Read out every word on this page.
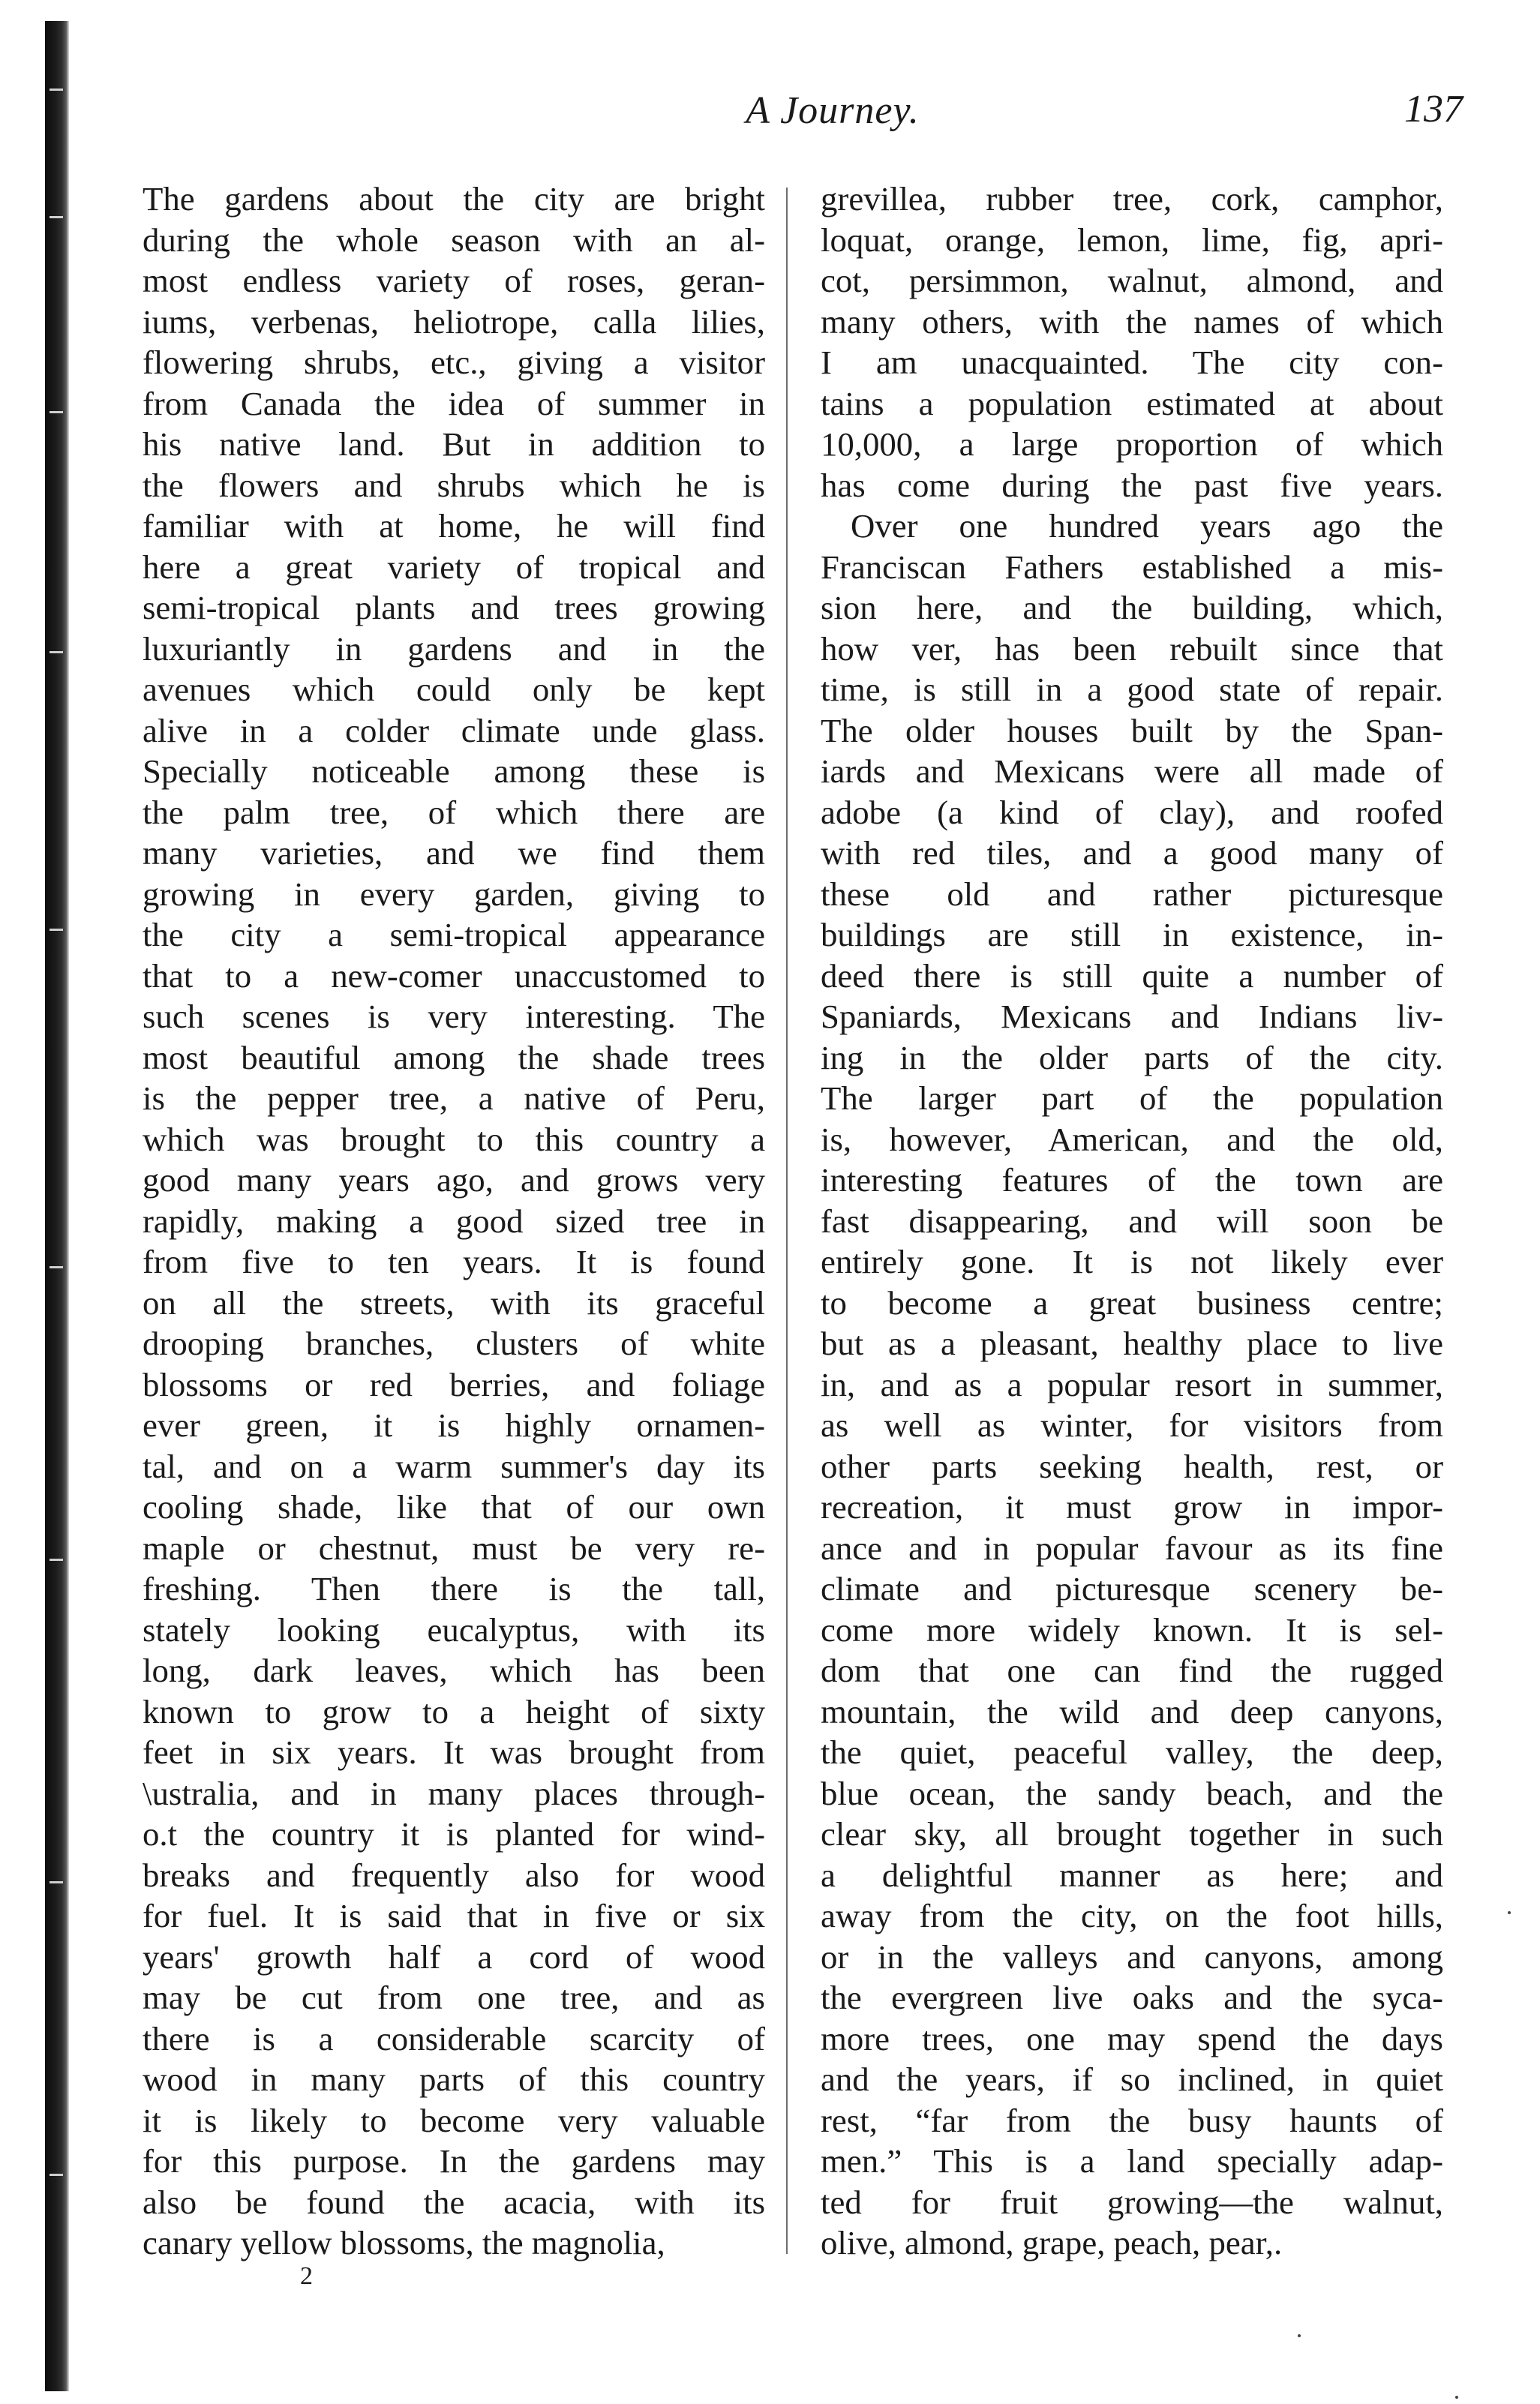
A Journey.	137
The gardens about the city are bright
during the whole season with an al-
most endless variety of roses, geran-
iums, verbenas, heliotrope, calla lilies,
flowering shrubs, etc., giving a visitor
from Canada the idea of summer in
his native land. But in addition to
the flowers and shrubs which he is
familiar with at home, he will find
here a great variety of tropical and
semi-tropical plants and trees growing
luxuriantly in gardens and in the
avenues which could only be kept
alive in a colder climate unde glass.
Specially noticeable among these is
the palm tree, of which there are
many varieties, and we find them
growing in every garden, giving to
the city a semi-tropical appearance
that to a new-comer unaccustomed to
such scenes is very interesting. The
most beautiful among the shade trees
is the pepper tree, a native of Peru,
which was brought to this country a
good many years ago, and grows very
rapidly, making a good sized tree in
from five to ten years. It is found
on all the streets, with its graceful
drooping branches, clusters of white
blossoms or red berries, and foliage
ever green, it is highly ornamen-
tal, and on a warm summer's day its
cooling shade, like that of our own
maple or chestnut, must be very re-
freshing. Then there is the tall,
stately looking eucalyptus, with its
long, dark leaves, which has been
known to grow to a height of sixty
feet in six years. It was brought from
\ustralia, and in many places through-
o.t the country it is planted for wind-
breaks and frequently also for wood
for fuel. It is said that in five or six
years' growth half a cord of wood
may be cut from one tree, and as
there is a considerable scarcity of
wood in many parts of this country
it is likely to become very valuable
for this purpose. In the gardens may
also be found the acacia, with its
canary yellow blossoms, the magnolia,
grevillea, rubber tree, cork, camphor,
loquat, orange, lemon, lime, fig, apri-
cot, persimmon, walnut, almond, and
many others, with the names of which
I am unacquainted. The city con-
tains a population estimated at about
10,000, a large proportion of which
has come during the past five years.
Over one hundred years ago the
Franciscan Fathers established a mis-
sion here, and the building, which,
how ver, has been rebuilt since that
time, is still in a good state of repair.
The older houses built by the Span-
iards and Mexicans were all made of
adobe (a kind of clay), and roofed
with red tiles, and a good many of
these old and rather picturesque
buildings are still in existence, in-
deed there is still quite a number of
Spaniards, Mexicans and Indians liv-
ing in the older parts of the city.
The larger part of the population
is, however, American, and the old,
interesting features of the town are
fast disappearing, and will soon be
entirely gone. It is not likely ever
to become a great business centre;
but as a pleasant, healthy place to live
in, and as a popular resort in summer,
as well as winter, for visitors from
other parts seeking health, rest, or
recreation, it must grow in impor-
ance and in popular favour as its fine
climate and picturesque scenery be-
come more widely known. It is sel-
dom that one can find the rugged
mountain, the wild and deep canyons,
the quiet, peaceful valley, the deep,
blue ocean, the sandy beach, and the
clear sky, all brought together in such
a delightful manner as here; and
away from the city, on the foot hills,
or in the valleys and canyons, among
the evergreen live oaks and the syca-
more trees, one may spend the days
and the years, if so inclined, in quiet
rest, “far from the busy haunts of
men.” This is a land specially adap-
ted for fruit growing—the walnut,
olive, almond, grape, peach, pear,.
2
